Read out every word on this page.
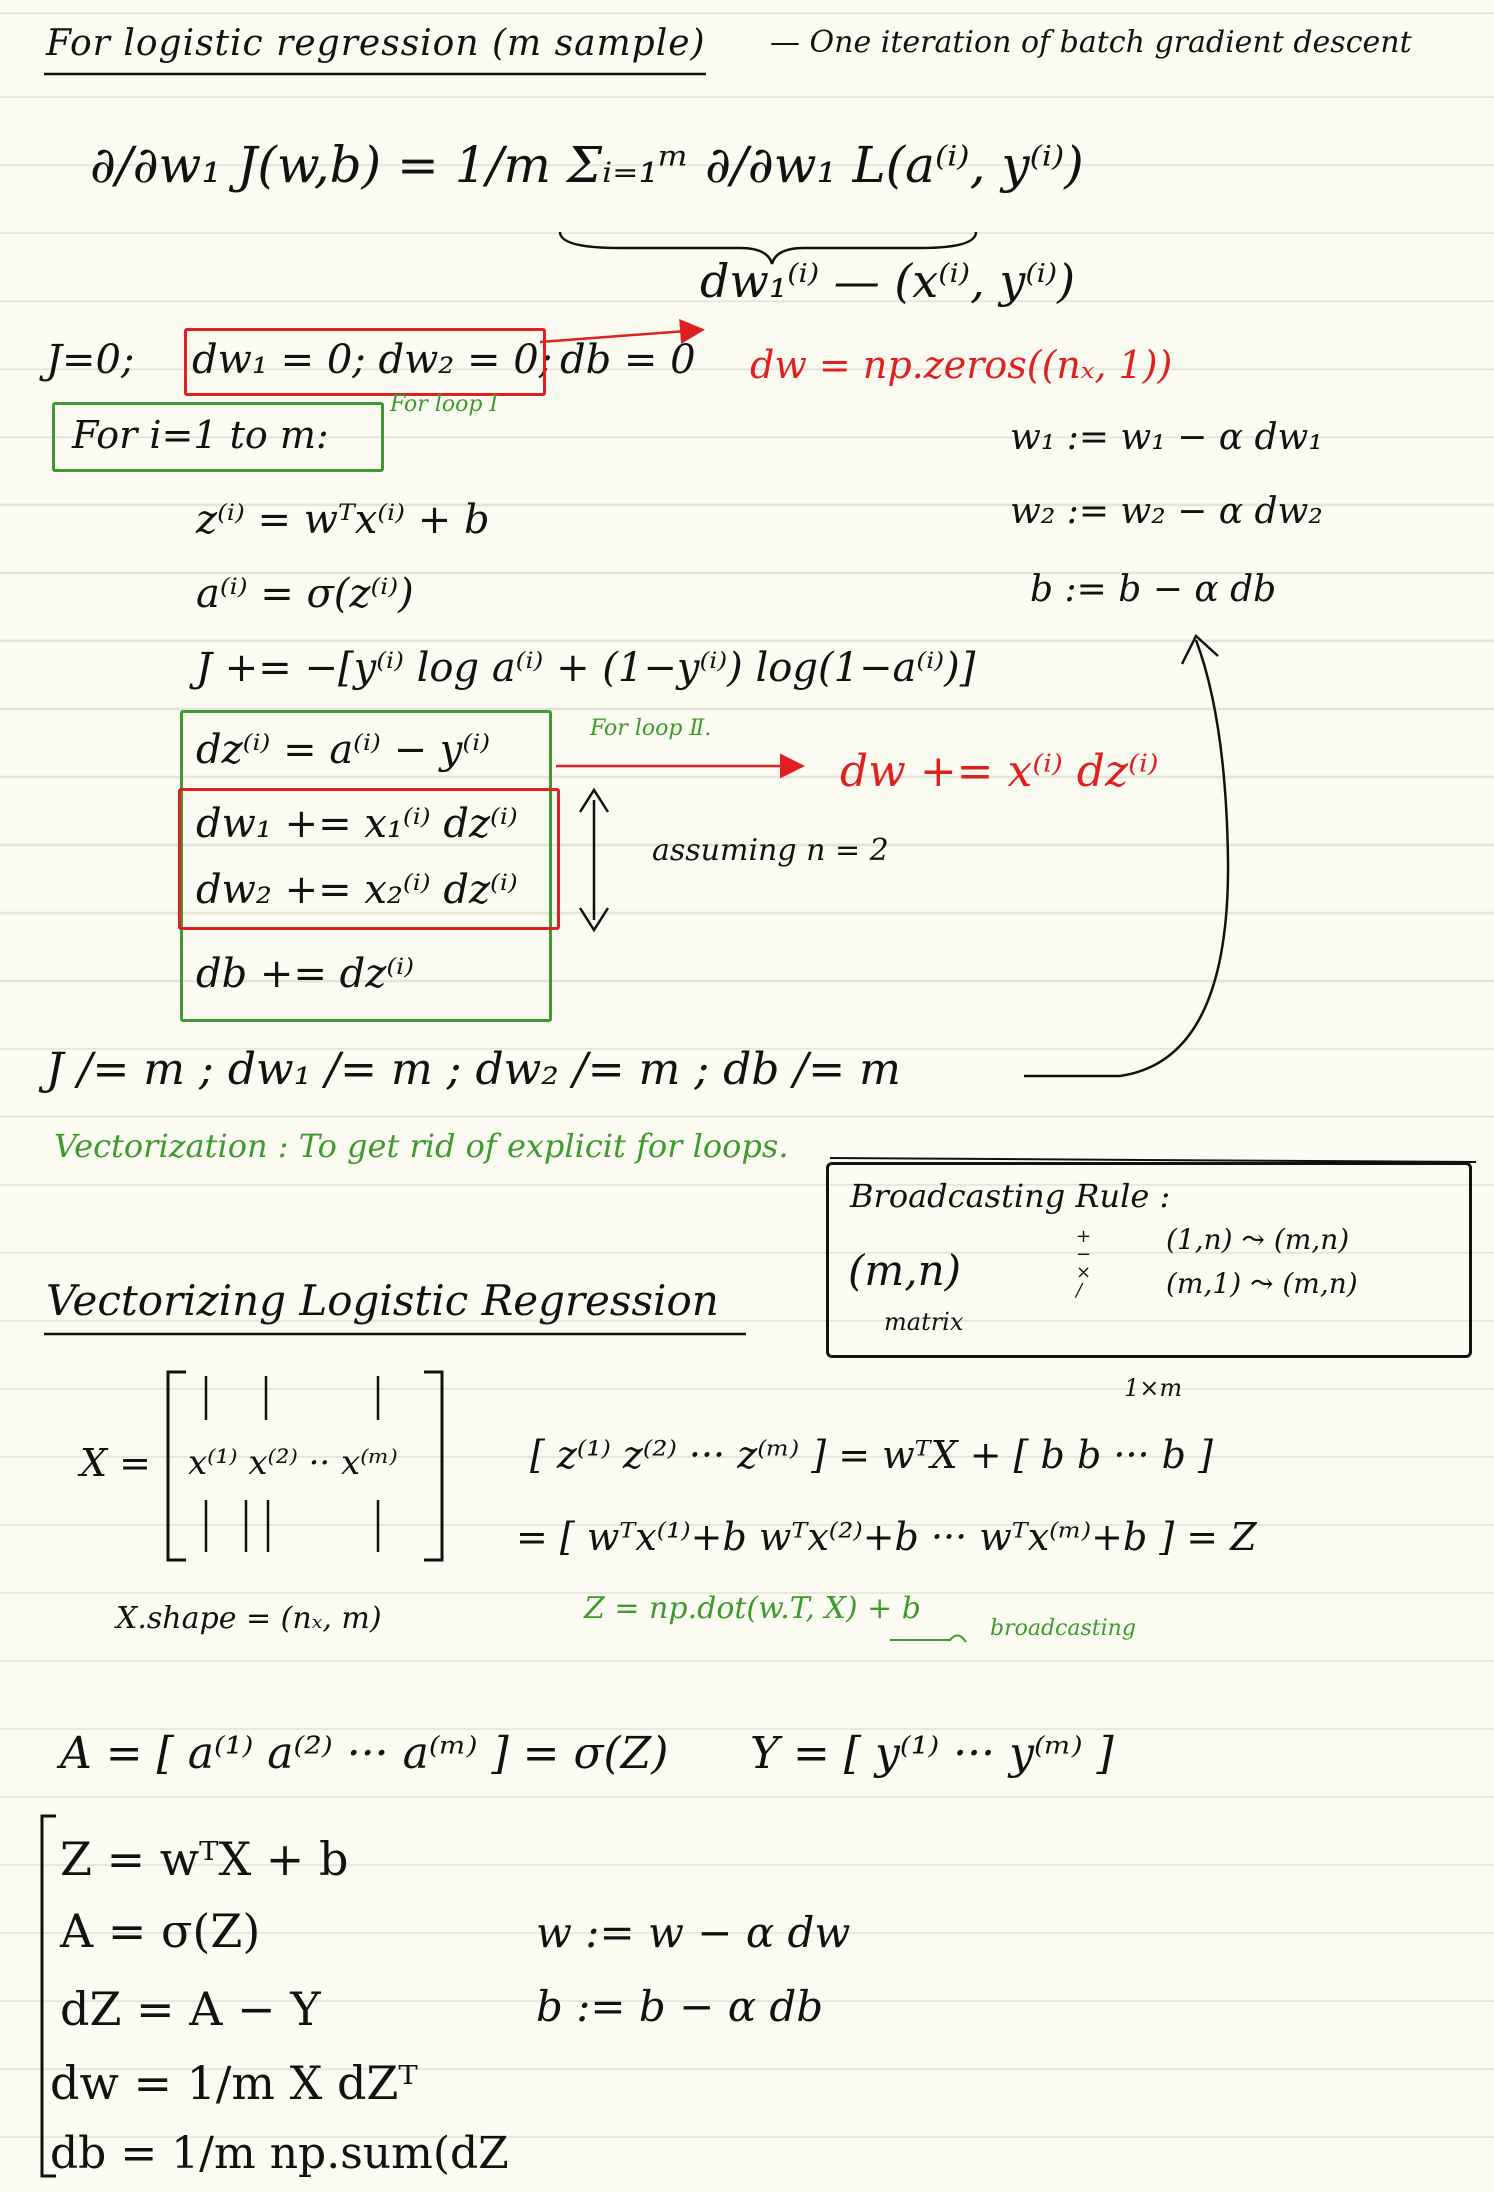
For logistic regression (m sample) — One iteration of batch gradient descent
∂/∂w₁ J(w,b) = 1/m Σᵢ₌₁ᵐ ∂/∂w₁ L(a⁽ⁱ⁾, y⁽ⁱ⁾)
dw₁⁽ⁱ⁾ — (x⁽ⁱ⁾, y⁽ⁱ⁾)
J=0; dw₁ = 0; dw₂ = 0; db = 0 dw = np.zeros((nₓ, 1))
For loop Ⅰ
For i=1 to m:	w₁ := w₁ − α dw₁
w₂ := w₂ − α dw₂
b := b − α db
z⁽ⁱ⁾ = wᵀx⁽ⁱ⁾ + b
a⁽ⁱ⁾ = σ(z⁽ⁱ⁾)
J += −[y⁽ⁱ⁾ log a⁽ⁱ⁾ + (1−y⁽ⁱ⁾) log(1−a⁽ⁱ⁾)]
dz⁽ⁱ⁾ = a⁽ⁱ⁾ − y⁽ⁱ⁾
dw₁ += x₁⁽ⁱ⁾ dz⁽ⁱ⁾
dw₂ += x₂⁽ⁱ⁾ dz⁽ⁱ⁾
db += dz⁽ⁱ⁾
For loop Ⅱ.
dw += x⁽ⁱ⁾ dz⁽ⁱ⁾
assuming n = 2
J /= m ; dw₁ /= m ; dw₂ /= m ; db /= m
Vectorization : To get rid of explicit for loops.
Broadcasting Rule :
(m,n)
matrix
+
−
×
/
(1,n) ⤳ (m,n)
(m,1) ⤳ (m,n)
Vectorizing Logistic Regression
X = x⁽¹⁾ x⁽²⁾ ·· x⁽ᵐ⁾
X.shape = (nₓ, m)
1×m
[ z⁽¹⁾ z⁽²⁾ ··· z⁽ᵐ⁾ ] = wᵀX + [ b b ··· b ]
= [ wᵀx⁽¹⁾+b wᵀx⁽²⁾+b ··· wᵀx⁽ᵐ⁾+b ] = Z
Z = np.dot(w.T, X) + b
broadcasting
A = [ a⁽¹⁾ a⁽²⁾ ··· a⁽ᵐ⁾ ] = σ(Z) Y = [ y⁽¹⁾ ··· y⁽ᵐ⁾ ]
Z = wᵀX + b
A = σ(Z)
dZ = A − Y
dw = 1/m X dZᵀ
db = 1/m np.sum(dZ
w := w − α dw
b := b − α db
